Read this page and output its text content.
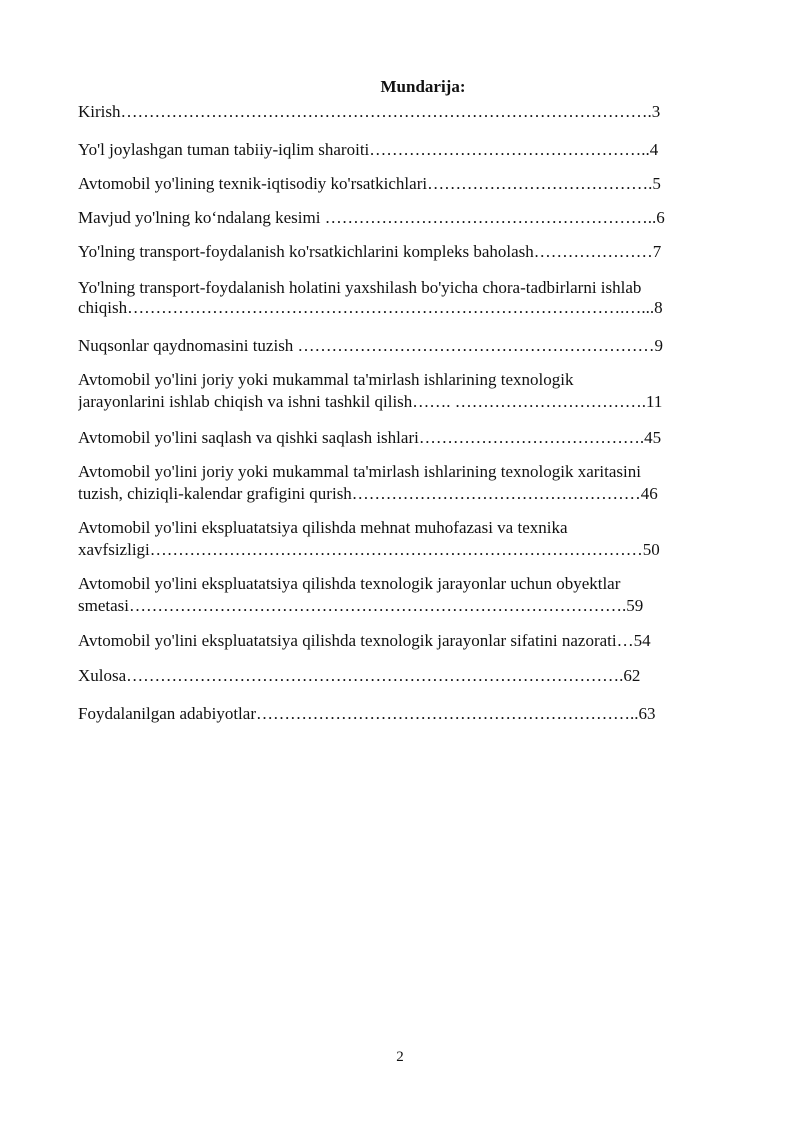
Mundarija:
Kirish………………………………………………………………………………….3
Yo'l joylashgan tuman tabiiy-iqlim sharoiti…………………………………………..4
Avtomobil yo'lining texnik-iqtisodiy ko'rsatkichlari………………………………….5
Mavjud yo'lning koʻndalang kesimi …………………………………………………..6
Yo'lning transport-foydalanish ko'rsatkichlarini kompleks baholash…………………7
Yo'lning transport-foydalanish holatini yaxshilash bo'yicha chora-tadbirlarni ishlab
chiqish…………………………………………………………………………….…...8
Nuqsonlar qaydnomasini tuzish ………………………………………………………9
Avtomobil yo'lini joriy yoki mukammal ta'mirlash ishlarining texnologik
jarayonlarini ishlab chiqish va ishni tashkil qilish……. …………………………….11
Avtomobil yo'lini saqlash va qishki saqlash ishlari………………………………….45
Avtomobil yo'lini joriy yoki mukammal ta'mirlash ishlarining texnologik xaritasini
tuzish, chiziqli-kalendar grafigini qurish……………………………………………46
Avtomobil yo'lini ekspluatatsiya qilishda mehnat muhofazasi va texnika
xavfsizligi……………………………………………………………………………50
Avtomobil yo'lini ekspluatatsiya qilishda texnologik jarayonlar uchun obyektlar
smetasi…………………………………………………………………………….59
Avtomobil yo'lini ekspluatatsiya qilishda texnologik jarayonlar sifatini nazorati…54
Xulosa…………………………………………………………………………….62
Foydalanilgan adabiyotlar…………………………………………………………..63
2
